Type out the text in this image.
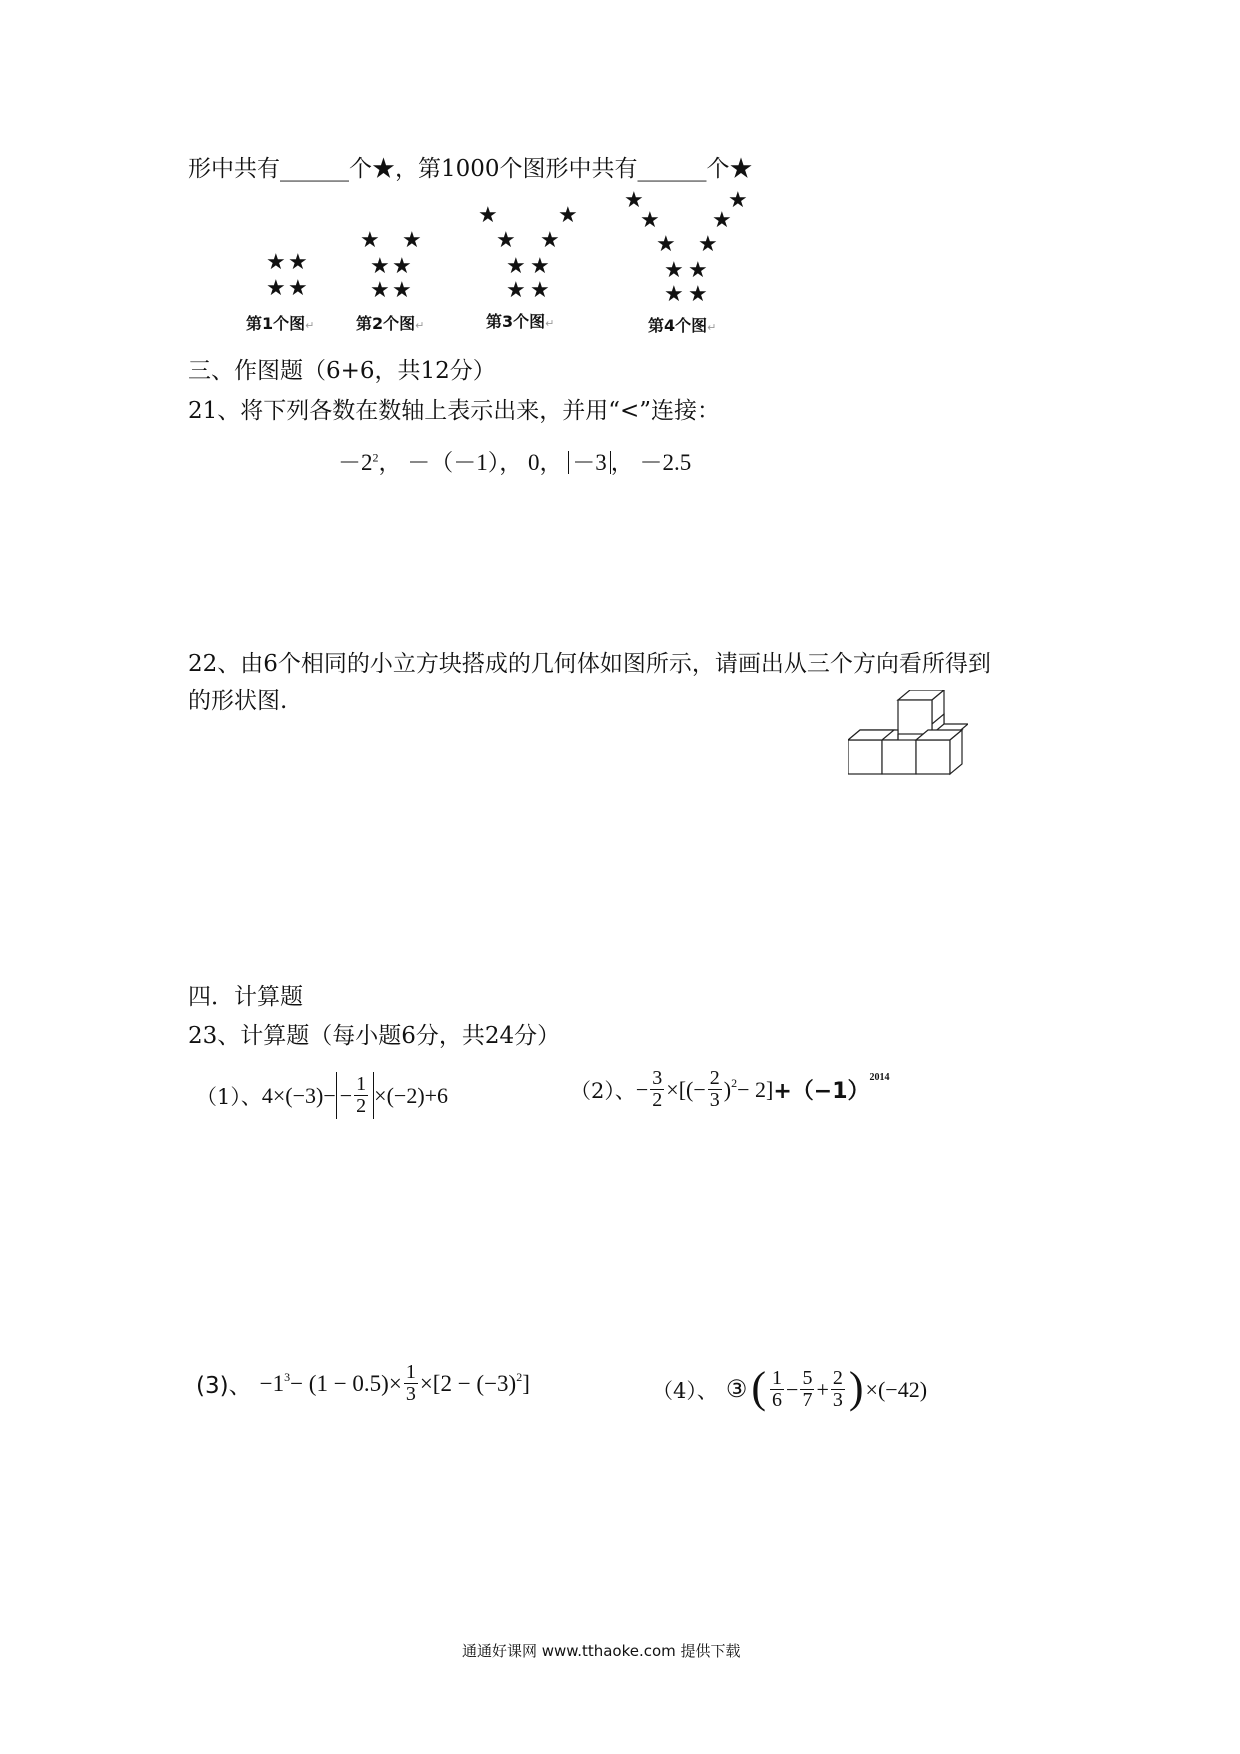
形中共有______个★，第1000个图形中共有______个★
★ ★
★ ★
★ ★
★ ★
★ ★
★	★
★ ★
★ ★
★ ★
★	★
★ ★
★ ★
★ ★
★ ★
第1个图↵	第2个图↵	第3个图↵	第4个图↵
三、作图题（6+6，共12分）
21、将下列各数在数轴上表示出来，并用“<”连接：
$-2^2$， －（－1）， 0， －3 ， －2.5
22、由6个相同的小立方块搭成的几何体如图所示，请画出从三个方向看所得到
的形状图.
四．计算题
23、计算题（每小题6分，共24分）
（1）、 $4\times(-3)- - \frac{1}{2} \times(-2)+6$	（2）、 − $\frac{3}{2}$ ×[(− $\frac{2}{3} )^2 - 2] +(-1)$
$^{2014}$
(3)、 $-1^3 - (1 - 0.5)\times \frac{1}{3} \times[2 - (-3)^2$ ]	（4）、 ③ ( $\frac{1}{6} - \frac{5}{7} + \frac{2}{3}$ ) ×(−42)
通通好课网 www.tthaoke.com 提供下载
